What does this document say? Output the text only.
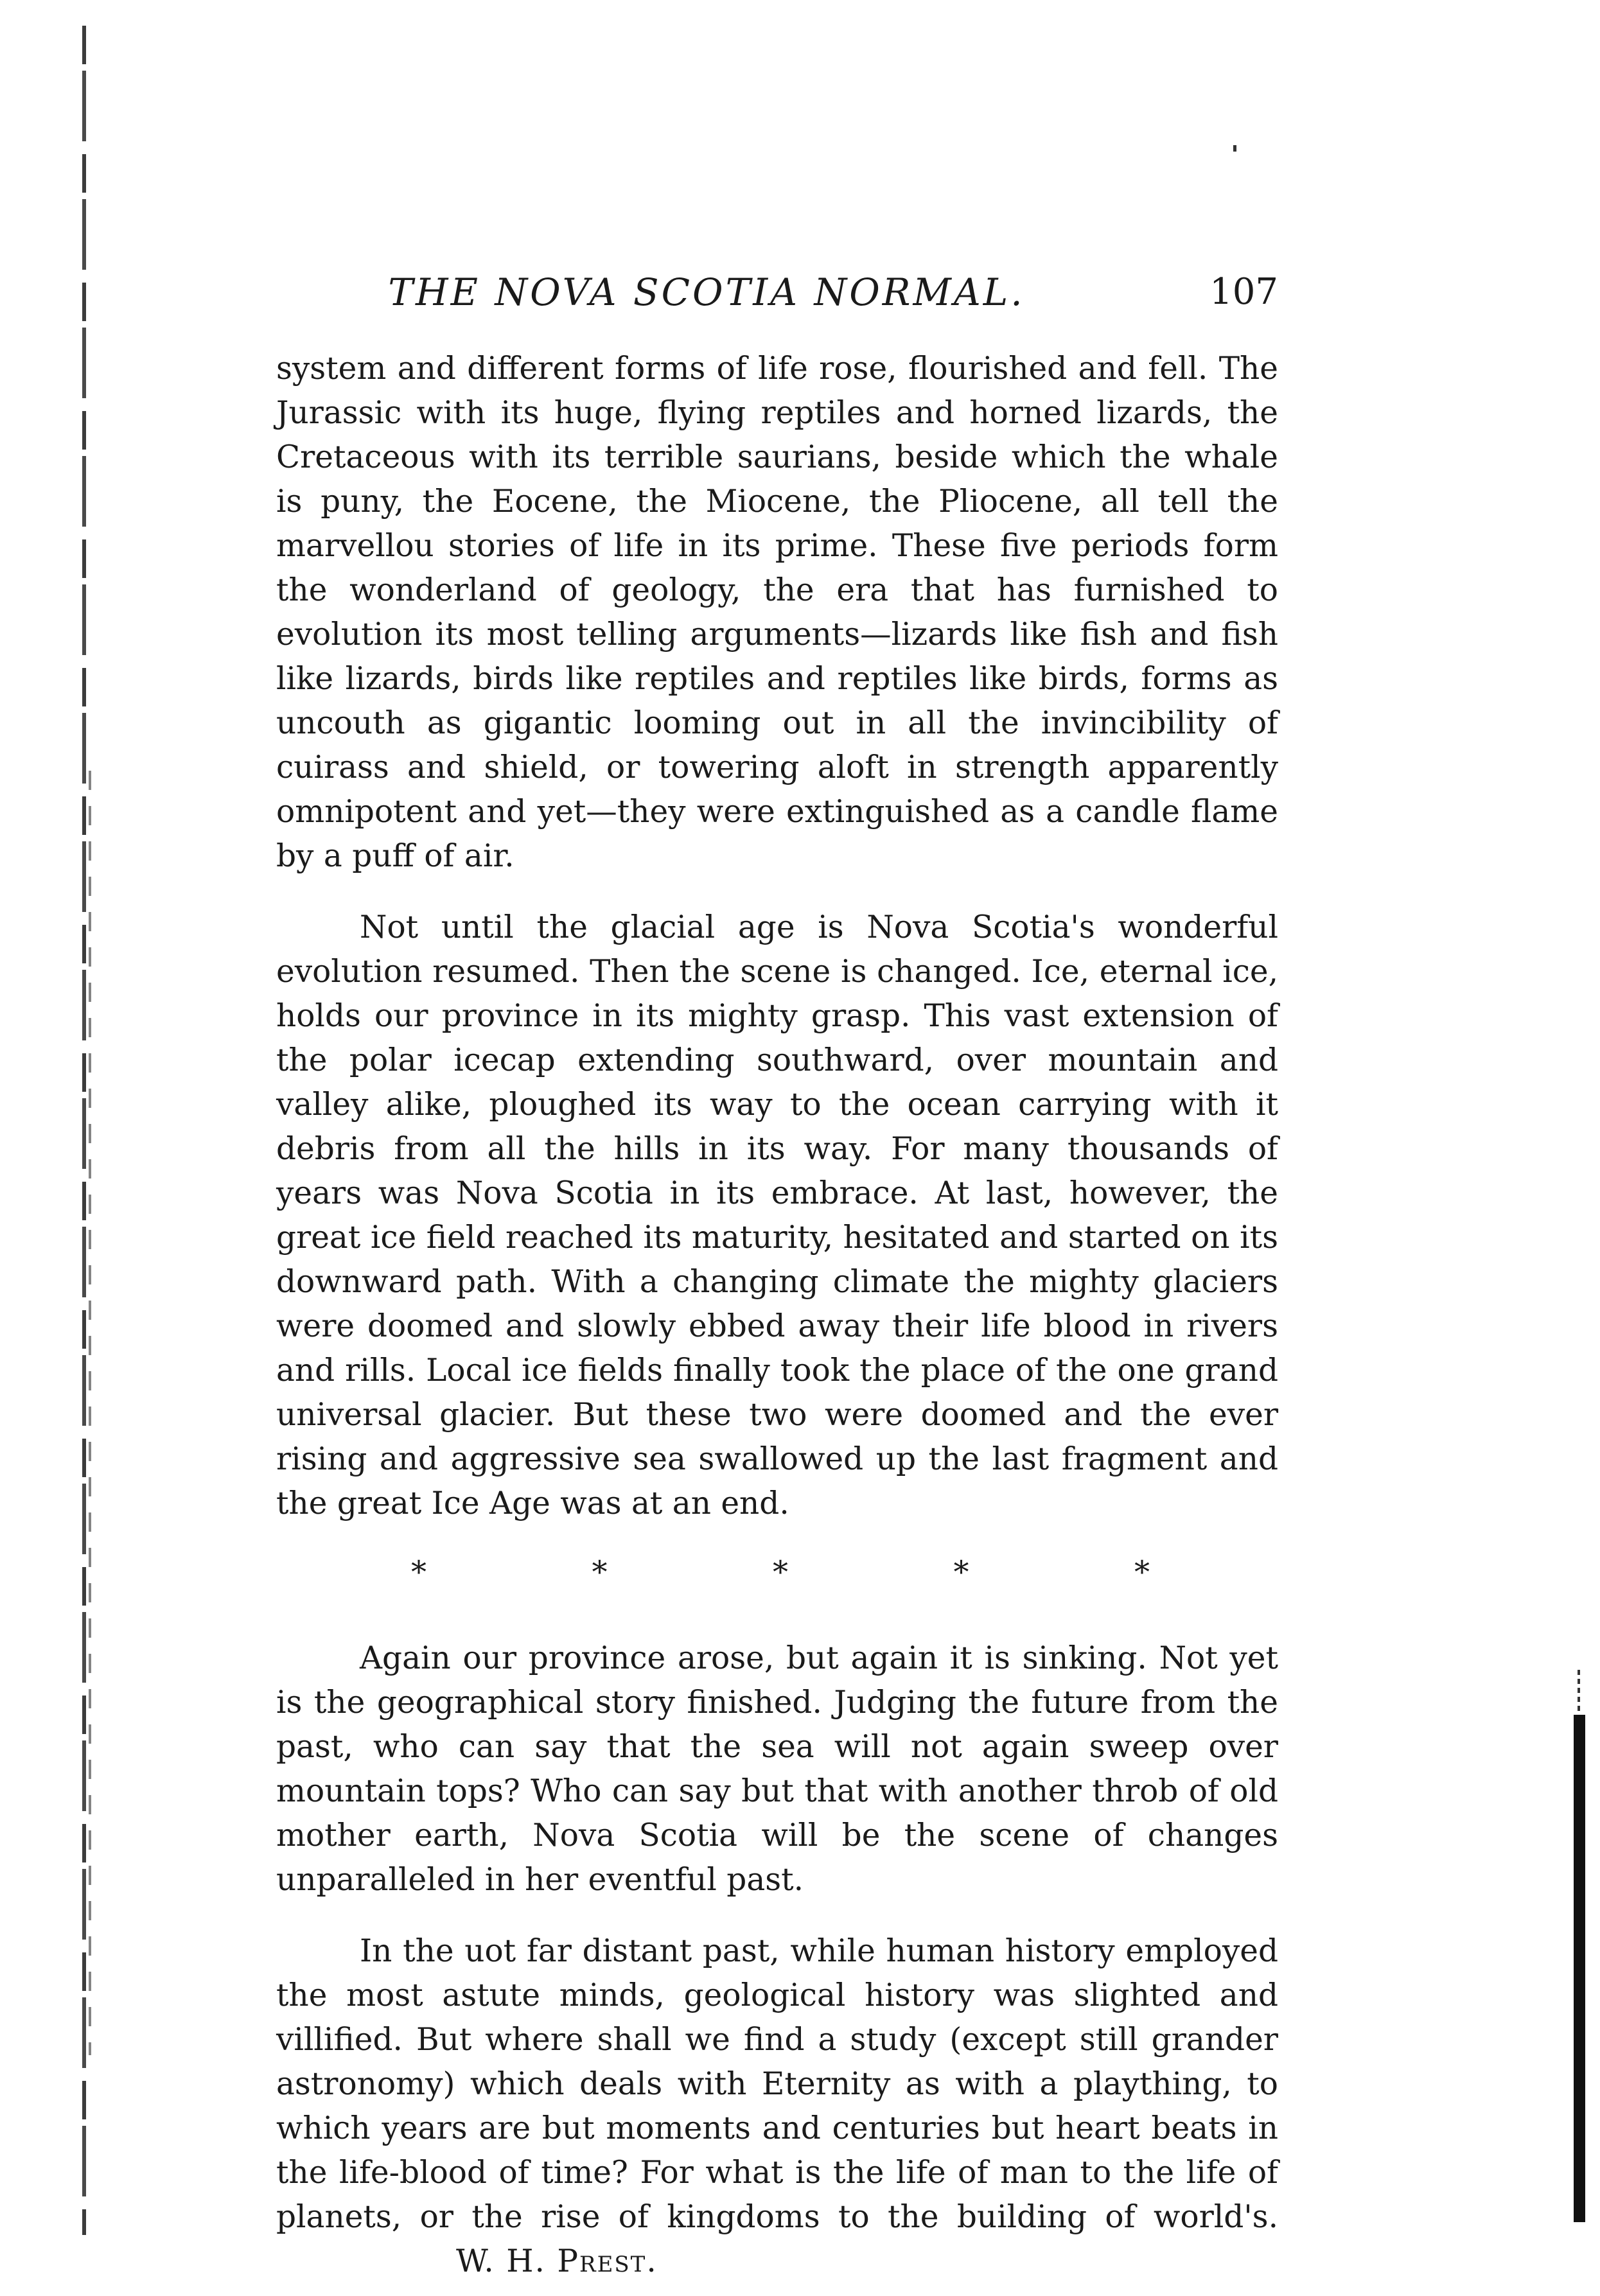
THE NOVA SCOTIA NORMAL.	107

system and different forms of life rose, flourished and fell. The Jurassic with its huge, flying reptiles and horned lizards, the Cretaceous with its terrible saurians, beside which the whale is puny, the Eocene, the Miocene, the Pliocene, all tell the marvellou stories of life in its prime. These five periods form the wonderland of geology, the era that has furnished to evolution its most telling arguments—lizards like fish and fish like lizards, birds like reptiles and reptiles like birds, forms as uncouth as gigantic looming out in all the invincibility of cuirass and shield, or towering aloft in strength apparently omnipotent and yet—they were extinguished as a candle flame by a puff of air.

Not until the glacial age is Nova Scotia's wonderful evolution resumed. Then the scene is changed. Ice, eternal ice, holds our province in its mighty grasp. This vast extension of the polar icecap extending southward, over mountain and valley alike, ploughed its way to the ocean carrying with it debris from all the hills in its way. For many thousands of years was Nova Scotia in its embrace. At last, however, the great ice field reached its maturity, hesitated and started on its downward path. With a changing climate the mighty glaciers were doomed and slowly ebbed away their life blood in rivers and rills. Local ice fields finally took the place of the one grand universal glacier. But these two were doomed and the ever rising and aggressive sea swallowed up the last fragment and the great Ice Age was at an end.

*	*	*	*	*

Again our province arose, but again it is sinking. Not yet is the geographical story finished. Judging the future from the past, who can say that the sea will not again sweep over mountain tops? Who can say but that with another throb of old mother earth, Nova Scotia will be the scene of changes unparalleled in her eventful past.

In the uot far distant past, while human history employed the most astute minds, geological history was slighted and villified. But where shall we find a study (except still grander astronomy) which deals with Eternity as with a plaything, to which years are but moments and centuries but heart beats in the life-blood of time? For what is the life of man to the life of planets, or the rise of kingdoms to the building of world's.W. H. Prest.
